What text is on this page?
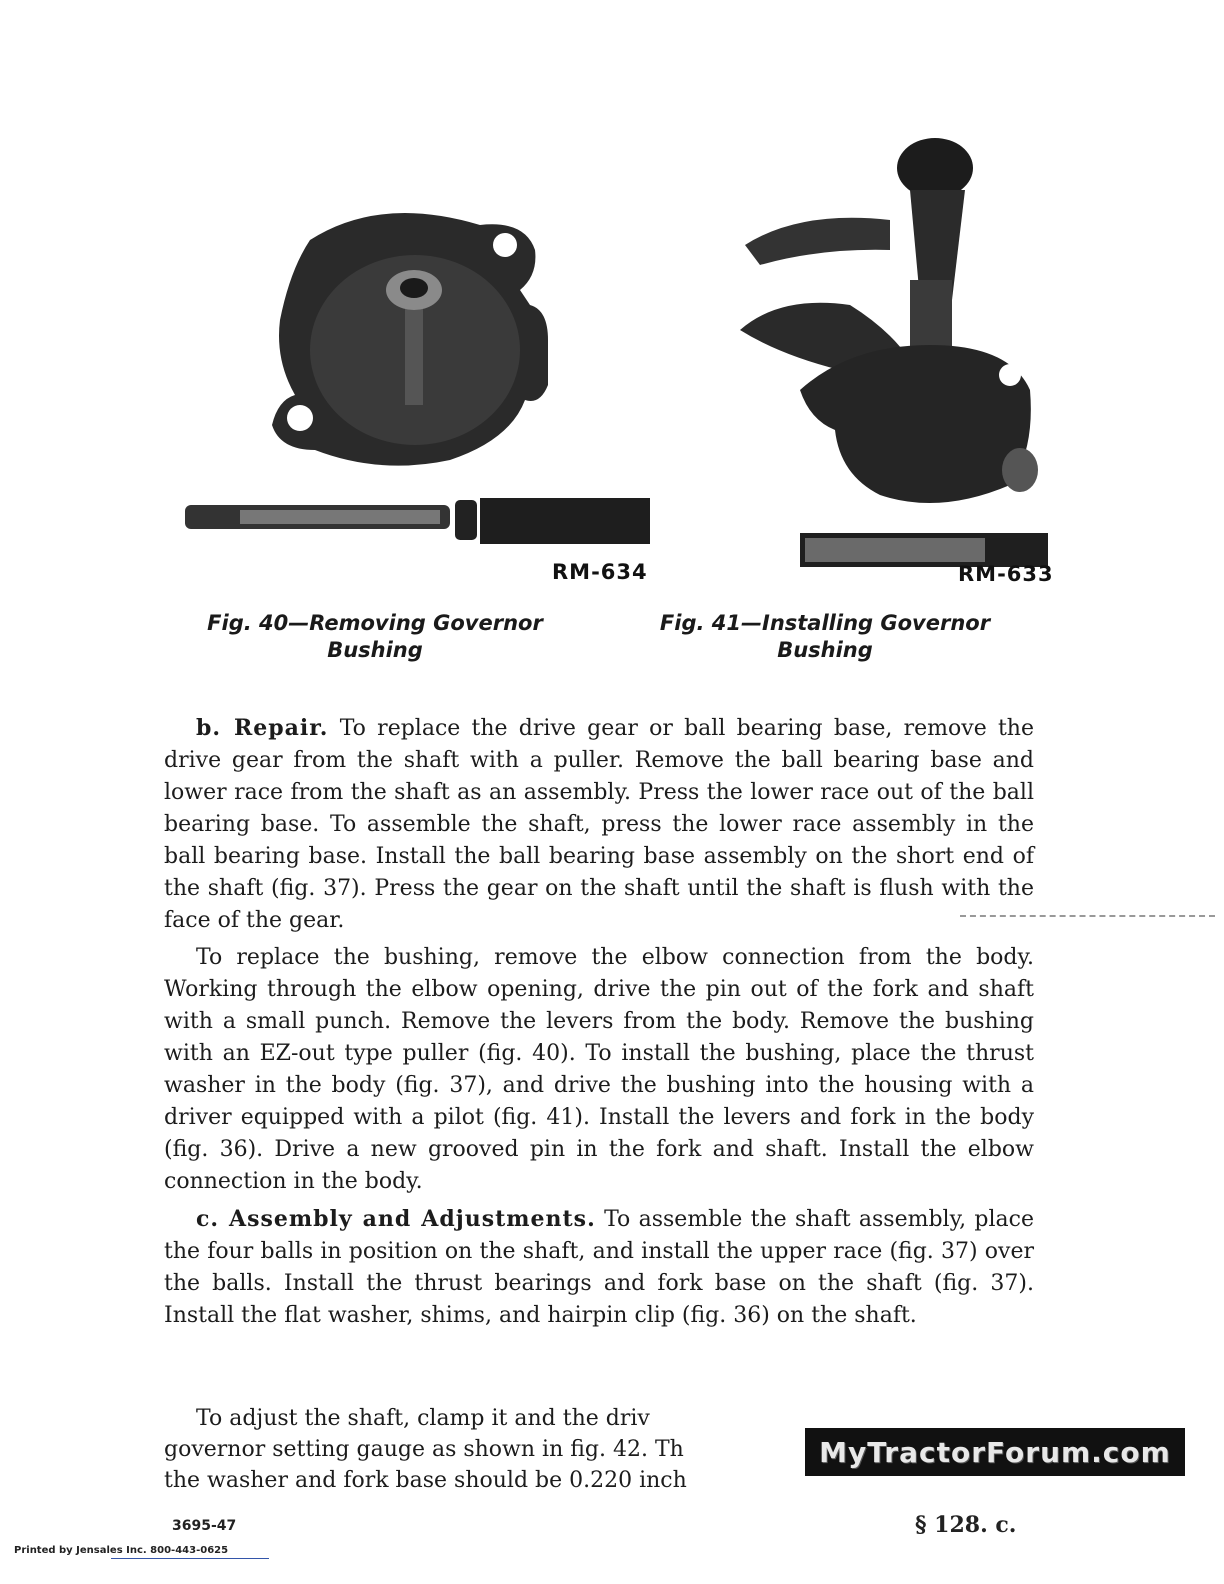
RM-634	RM-633
Fig. 40—Removing Governor
Bushing
Fig. 41—Installing Governor
Bushing

b. Repair. To replace the drive gear or ball bearing base, remove the drive gear from the shaft with a puller. Remove the ball bearing base and lower race from the shaft as an assembly. Press the lower race out of the ball bearing base. To assemble the shaft, press the lower race assembly in the ball bearing base. Install the ball bearing base assembly on the short end of the shaft (fig. 37). Press the gear on the shaft until the shaft is flush with the face of the gear.

To replace the bushing, remove the elbow connection from the body. Working through the elbow opening, drive the pin out of the fork and shaft with a small punch. Remove the levers from the body. Remove the bushing with an EZ-out type puller (fig. 40). To install the bushing, place the thrust washer in the body (fig. 37), and drive the bushing into the housing with a driver equipped with a pilot (fig. 41). Install the levers and fork in the body (fig. 36). Drive a new grooved pin in the fork and shaft. Install the elbow connection in the body.

c. Assembly and Adjustments. To assemble the shaft assembly, place the four balls in position on the shaft, and install the upper race (fig. 37) over the balls. Install the thrust bearings and fork base on the shaft (fig. 37). Install the flat washer, shims, and hairpin clip (fig. 36) on the shaft.

To adjust the shaft, clamp it and the driv
governor setting gauge as shown in fig. 42. Th
the washer and fork base should be 0.220 inch
MyTractorForum.com
3695-47	§ 128. c.
Printed by Jensales Inc. 800-443-0625
